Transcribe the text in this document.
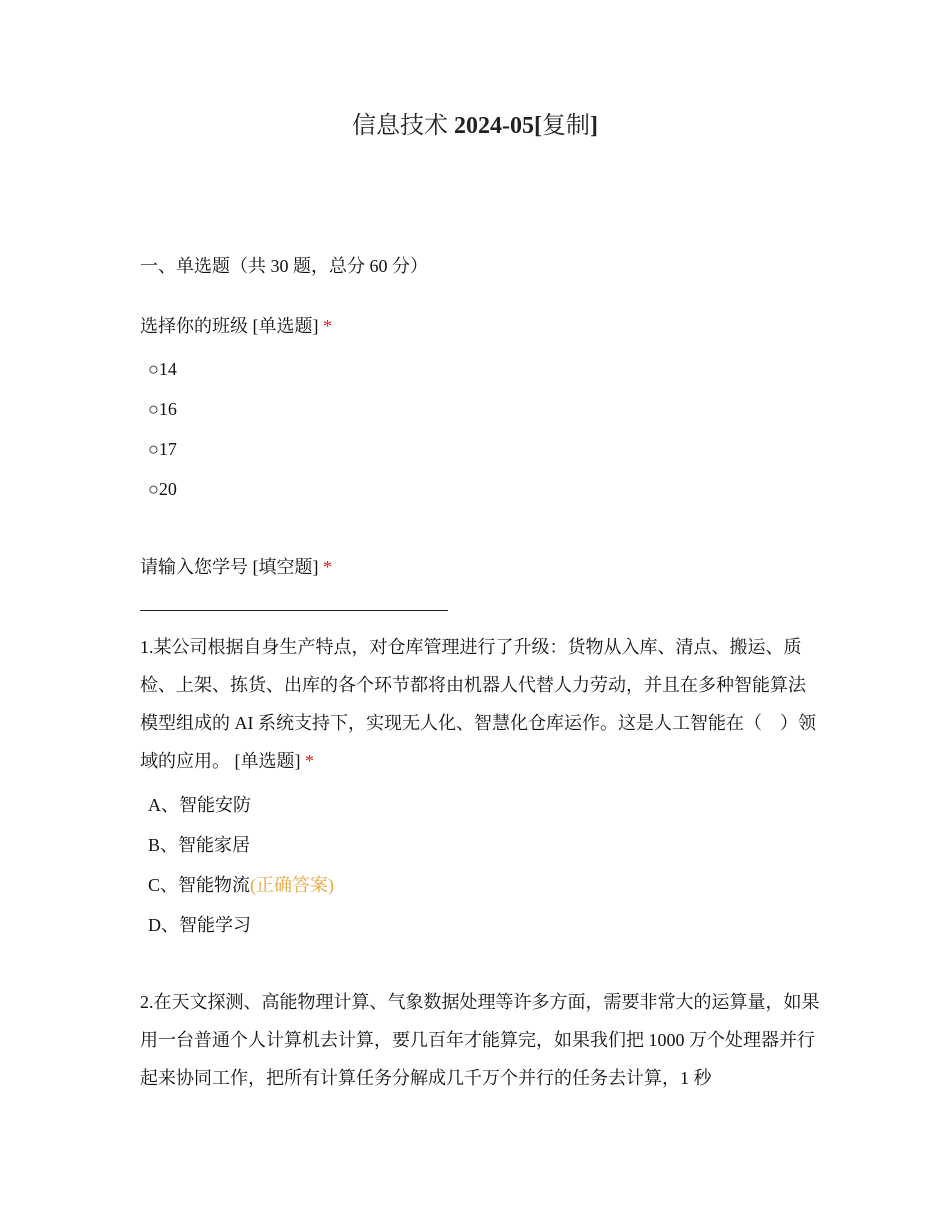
信息技术 2024-05[复制]
一、单选题（共 30 题，总分 60 分）
选择你的班级 [单选题] *
○14
○16
○17
○20
请输入您学号 [填空题] *
1.某公司根据自身生产特点，对仓库管理进行了升级：货物从入库、清点、搬运、质检、上架、拣货、出库的各个环节都将由机器人代替人力劳动，并且在多种智能算法模型组成的 AI 系统支持下，实现无人化、智慧化仓库运作。这是人工智能在（　）领域的应用。 [单选题] *
A、智能安防
B、智能家居
C、智能物流(正确答案)
D、智能学习
2.在天文探测、高能物理计算、气象数据处理等许多方面，需要非常大的运算量，如果用一台普通个人计算机去计算，要几百年才能算完，如果我们把 1000 万个处理器并行起来协同工作，把所有计算任务分解成几千万个并行的任务去计算，1 秒
